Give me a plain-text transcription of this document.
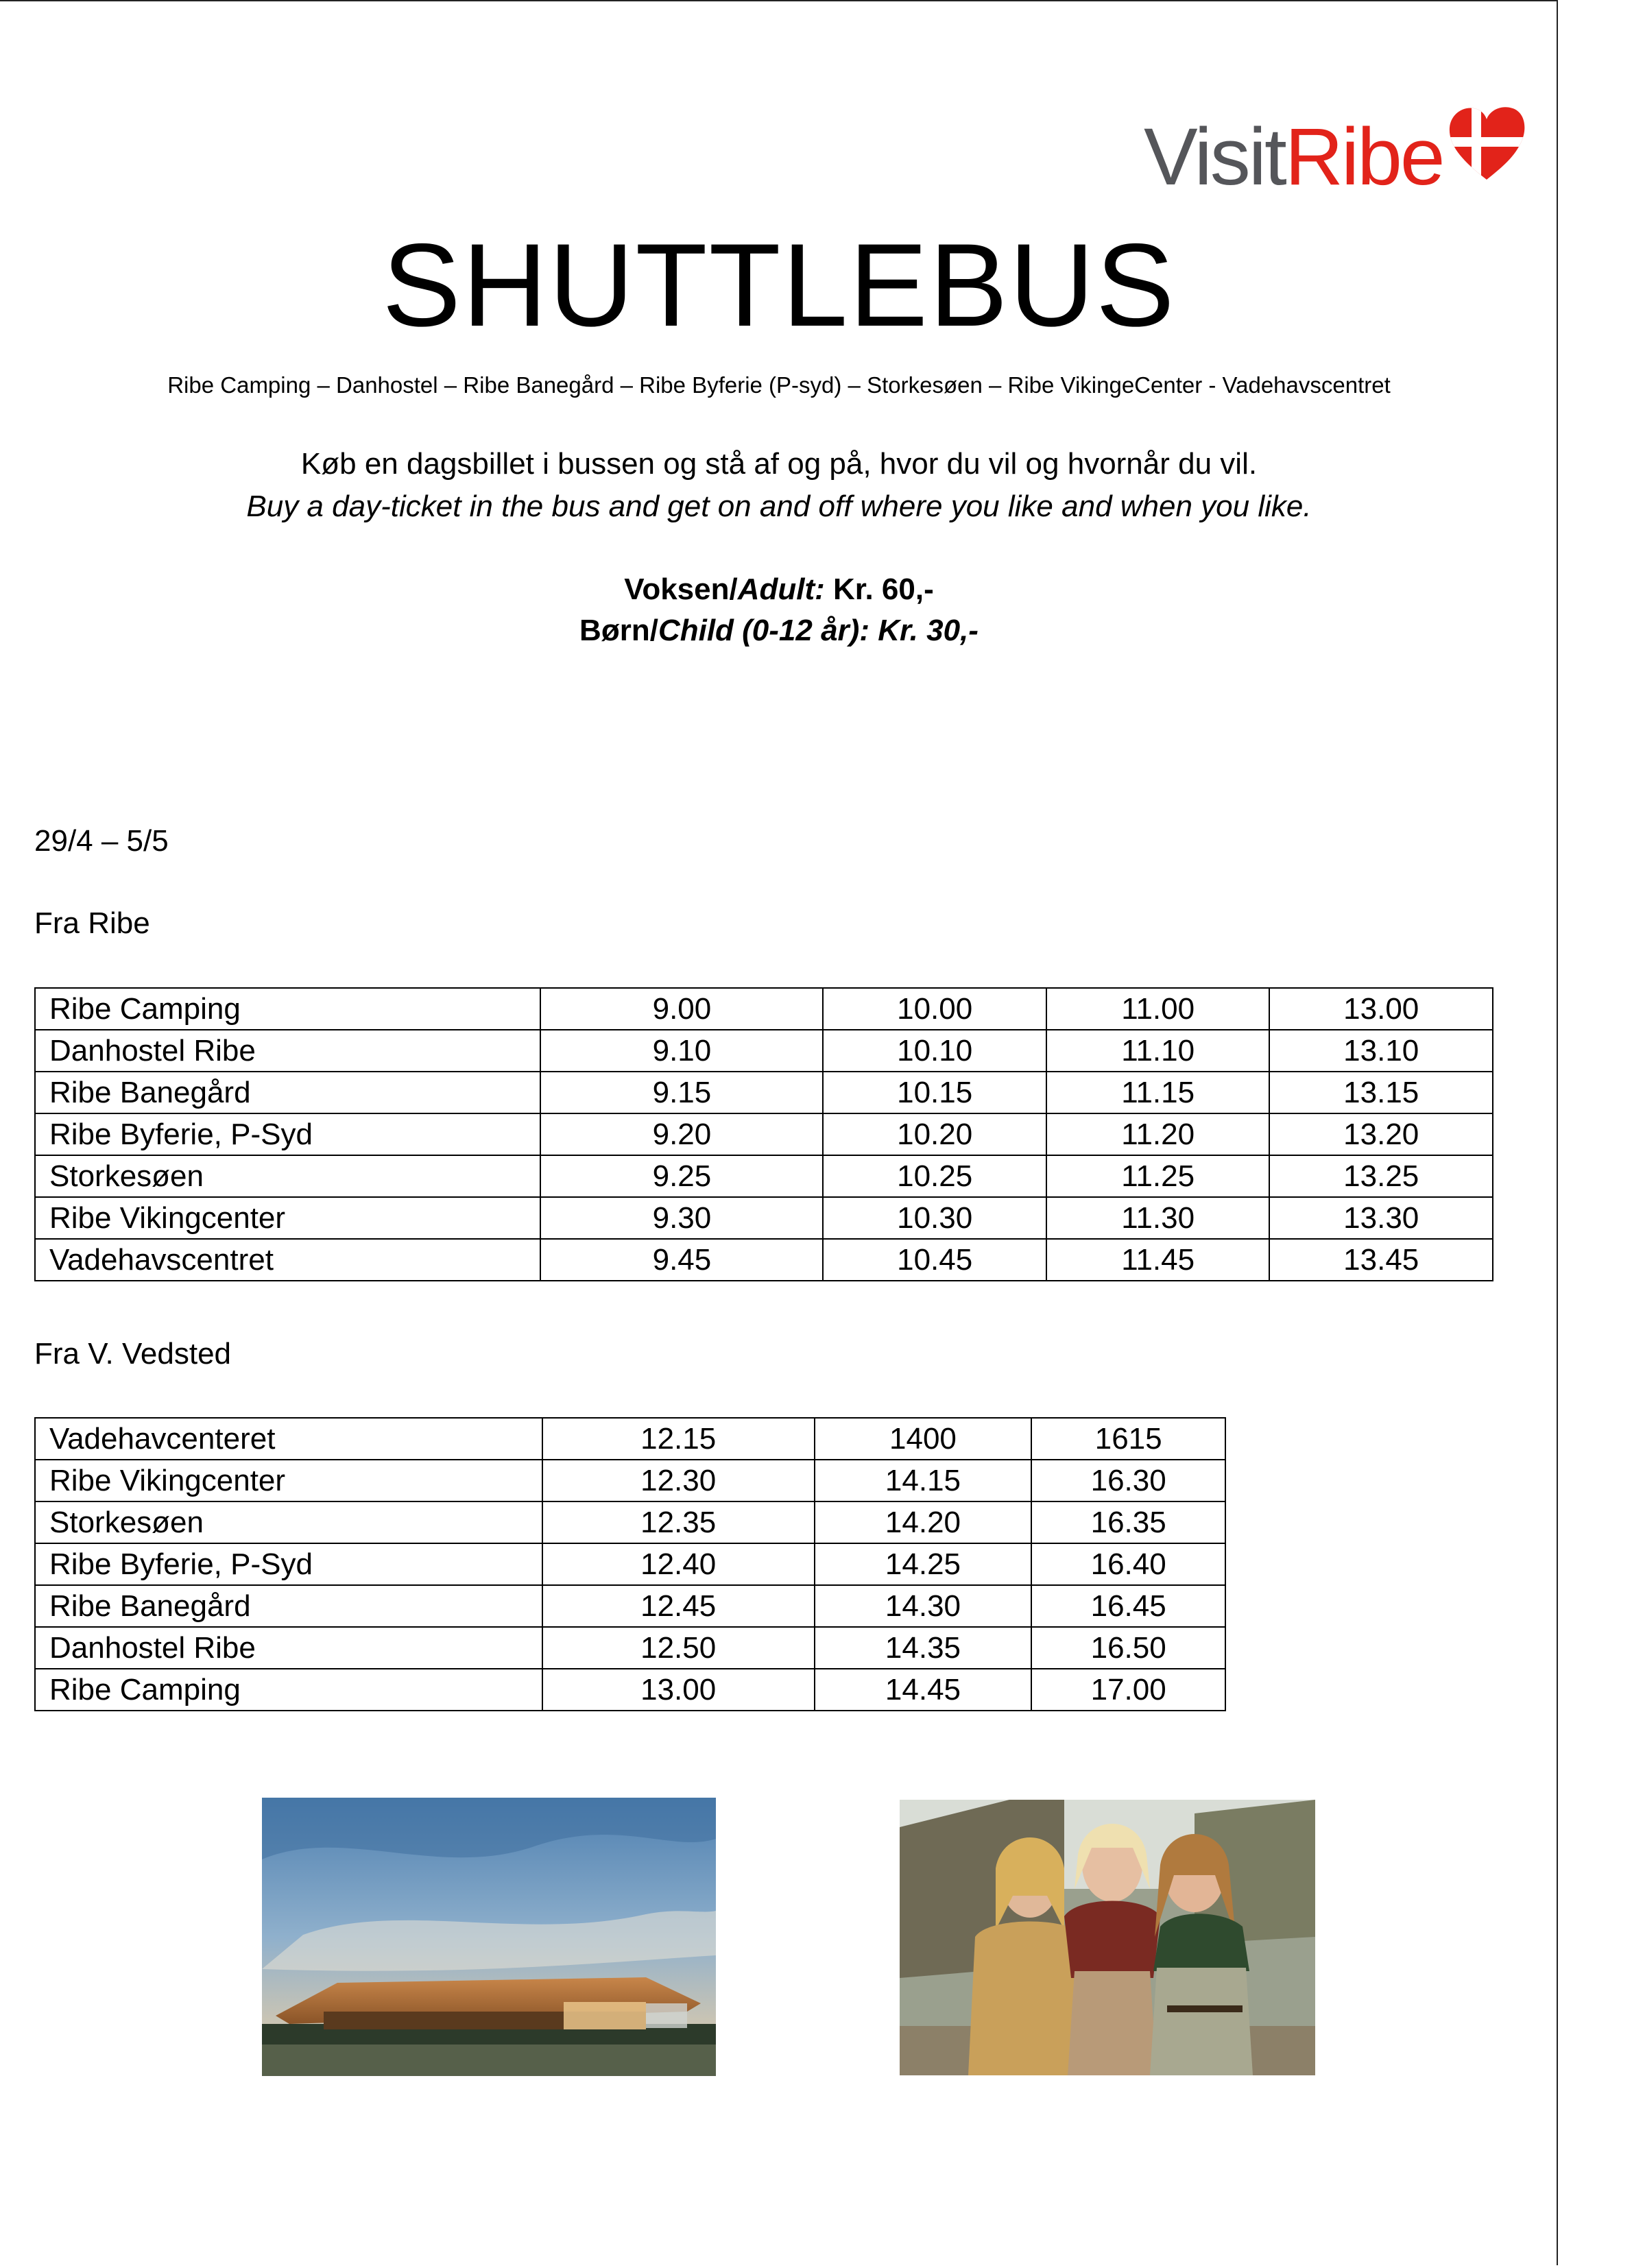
VisitRibe
SHUTTLEBUS
Ribe Camping – Danhostel – Ribe Banegård – Ribe Byferie (P-syd) – Storkesøen – Ribe VikingeCenter - Vadehavscentret
Køb en dagsbillet i bussen og stå af og på, hvor du vil og hvornår du vil.
Buy a day-ticket in the bus and get on and off where you like and when you like.
Voksen/Adult: Kr. 60,-
Børn/Child (0-12 år): Kr. 30,-
29/4 – 5/5
Fra Ribe
Ribe Camping	9.00	10.00	11.00	13.00
Danhostel Ribe	9.10	10.10	11.10	13.10
Ribe Banegård	9.15	10.15	11.15	13.15
Ribe Byferie, P-Syd	9.20	10.20	11.20	13.20
Storkesøen	9.25	10.25	11.25	13.25
Ribe Vikingcenter	9.30	10.30	11.30	13.30
Vadehavscentret	9.45	10.45	11.45	13.45
Fra V. Vedsted
Vadehavcenteret	12.15	1400	1615
Ribe Vikingcenter	12.30	14.15	16.30
Storkesøen	12.35	14.20	16.35
Ribe Byferie, P-Syd	12.40	14.25	16.40
Ribe Banegård	12.45	14.30	16.45
Danhostel Ribe	12.50	14.35	16.50
Ribe Camping	13.00	14.45	17.00
